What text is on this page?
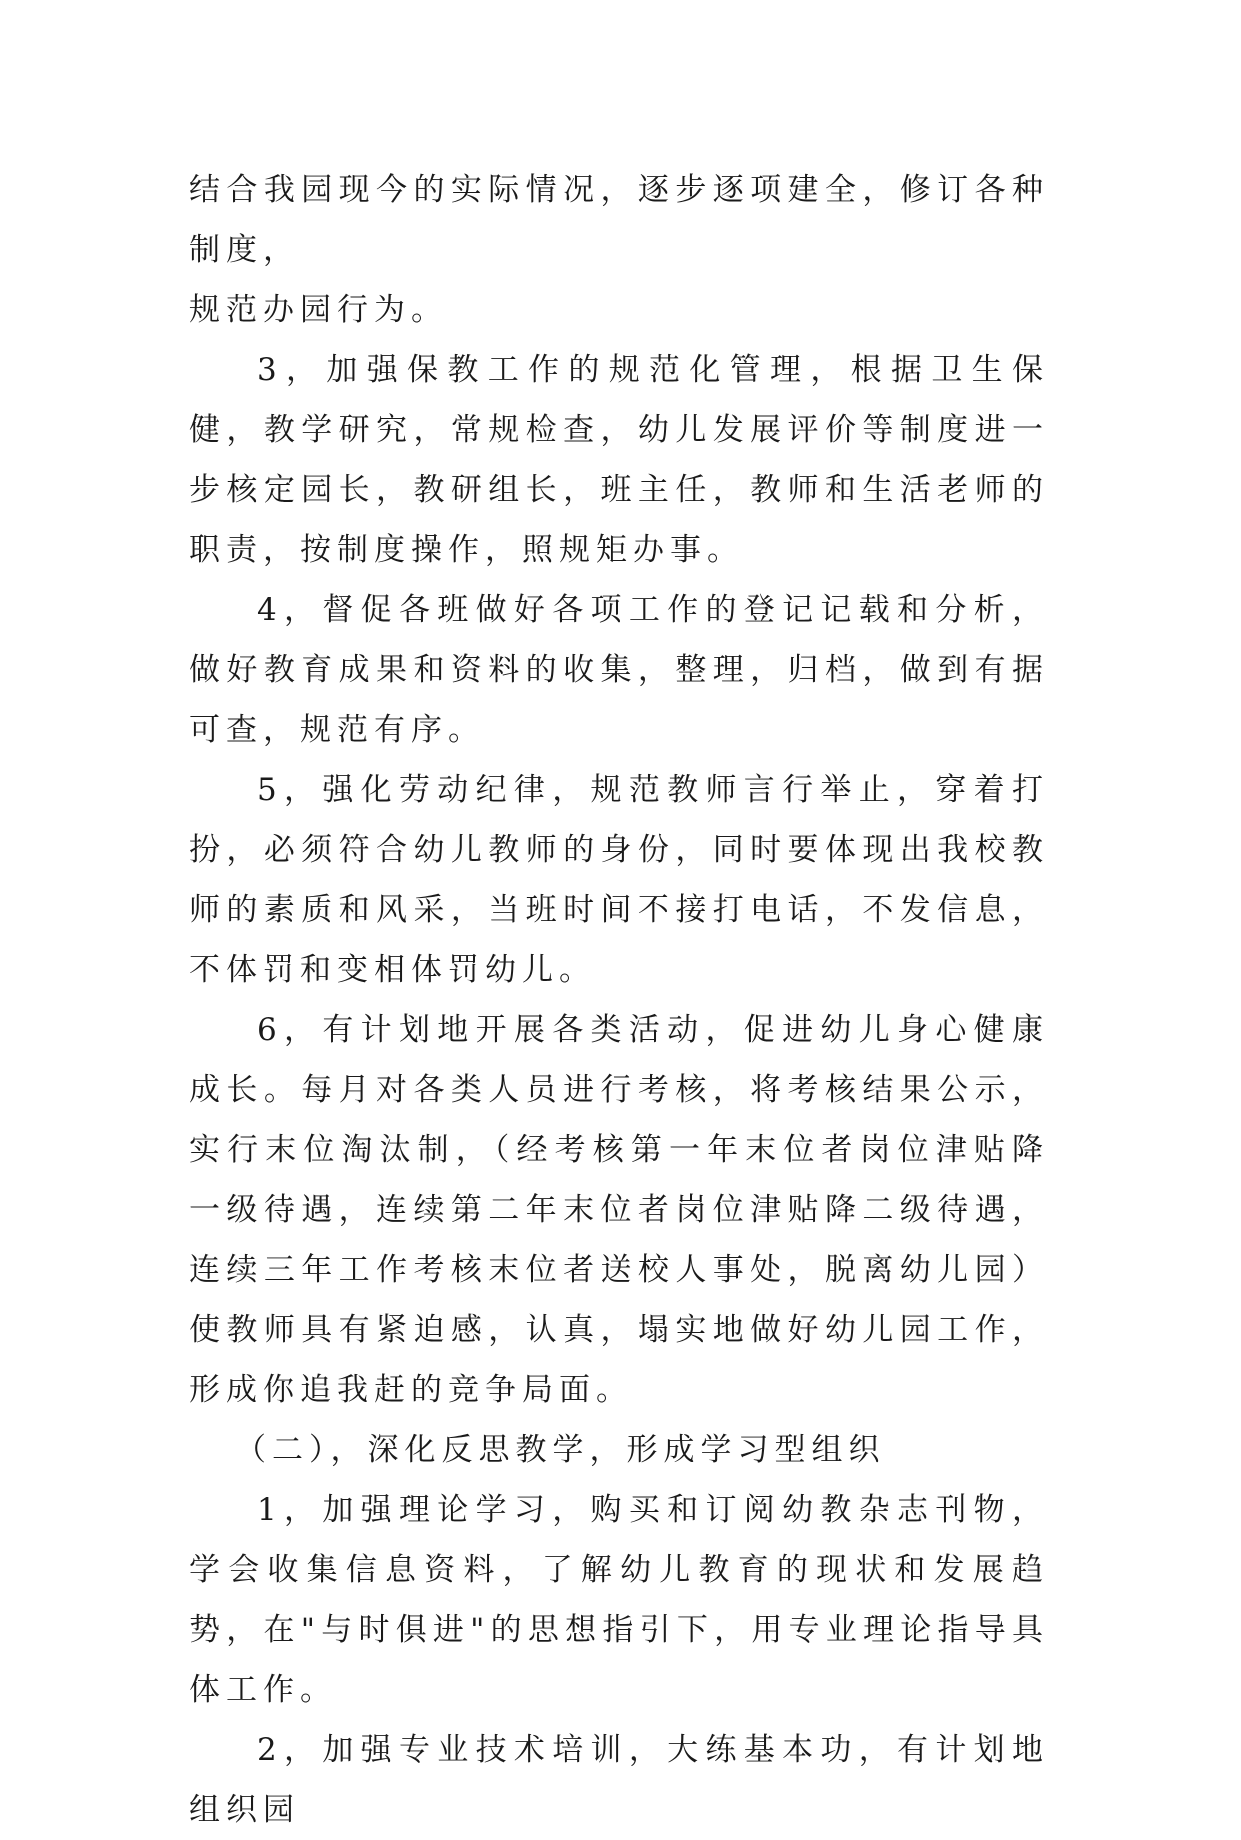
结合我园现今的实际情况，逐步逐项建全，修订各种制度，
规范办园行为。

3，加强保教工作的规范化管理，根据卫生保健，教学研究，常规检查，幼儿发展评价等制度进一步核定园长，教研组长，班主任，教师和生活老师的职责，按制度操作，照规矩办事。

4，督促各班做好各项工作的登记记载和分析，做好教育成果和资料的收集，整理，归档，做到有据可查，规范有序。

5，强化劳动纪律，规范教师言行举止，穿着打扮，必须符合幼儿教师的身份，同时要体现出我校教师的素质和风采，当班时间不接打电话，不发信息，不体罚和变相体罚幼儿。

6，有计划地开展各类活动，促进幼儿身心健康成长。每月对各类人员进行考核，将考核结果公示，实行末位淘汰制，（经考核第一年末位者岗位津贴降一级待遇，连续第二年末位者岗位津贴降二级待遇，连续三年工作考核末位者送校人事处，脱离幼儿园）使教师具有紧迫感，认真，塌实地做好幼儿园工作，形成你追我赶的竞争局面。

（二），深化反思教学，形成学习型组织

1，加强理论学习，购买和订阅幼教杂志刊物，学会收集信息资料，了解幼儿教育的现状和发展趋势，在"与时俱进"的思想指引下，用专业理论指导具体工作。

2，加强专业技术培训，大练基本功，有计划地组织园
